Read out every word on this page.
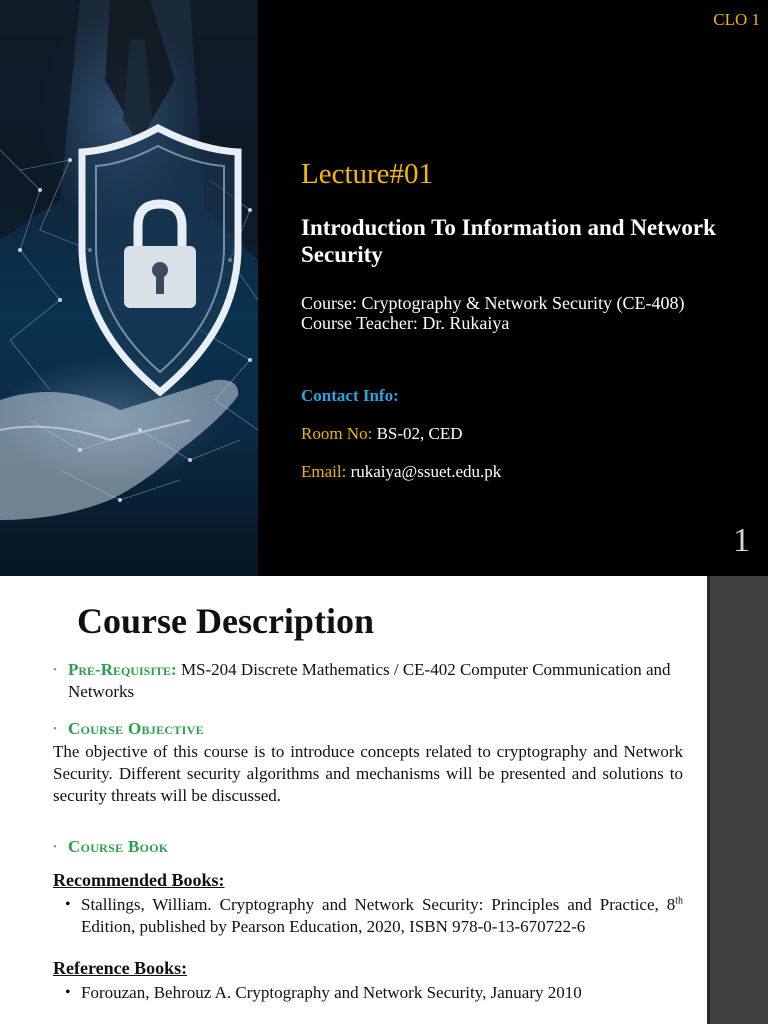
CLO 1
Lecture#01
Introduction To Information and Network Security
Course: Cryptography & Network Security (CE-408)
Course Teacher: Dr. Rukaiya
Contact Info:
Room No: BS-02, CED
Email: rukaiya@ssuet.edu.pk
1
Course Description
• Pre-Requisite: MS-204 Discrete Mathematics / CE-402 Computer Communication and Networks
• Course Objective
The objective of this course is to introduce concepts related to cryptography and Network Security. Different security algorithms and mechanisms will be presented and solutions to security threats will be discussed.
• Course Book
Recommended Books:
• Stallings, William. Cryptography and Network Security: Principles and Practice, 8th Edition, published by Pearson Education, 2020, ISBN 978-0-13-670722-6
Reference Books:
• Forouzan, Behrouz A. Cryptography and Network Security, January 2010
